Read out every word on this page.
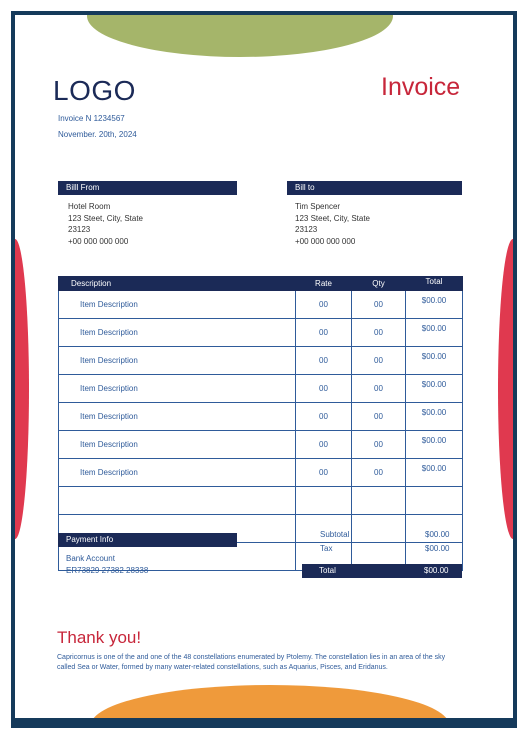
LOGO	Invoice
Invoice N 1234567
November. 20th, 2024
Billl From
Hotel Room
123 Steet, City, State
23123
+00 000 000 000
Bill to
Tim Spencer
123 Steet, City, State
23123
+00 000 000 000
Description	Rate	Qty	Total
Item Description	00	00	$00.00
Item Description	00	00	$00.00
Item Description	00	00	$00.00
Item Description	00	00	$00.00
Item Description	00	00	$00.00
Item Description	00	00	$00.00
Item Description	00	00	$00.00

Payment Info
Bank Account
ER73829 27382 28338
Subtotal	$00.00
Tax	$00.00
Total	$00.00
Thank you!
Capricornus is one of the and one of the 48 constellations enumerated by Ptolemy. The constellation lies in an area of the sky called Sea or Water, formed by many water-related constellations, such as Aquarius, Pisces, and Eridanus.
